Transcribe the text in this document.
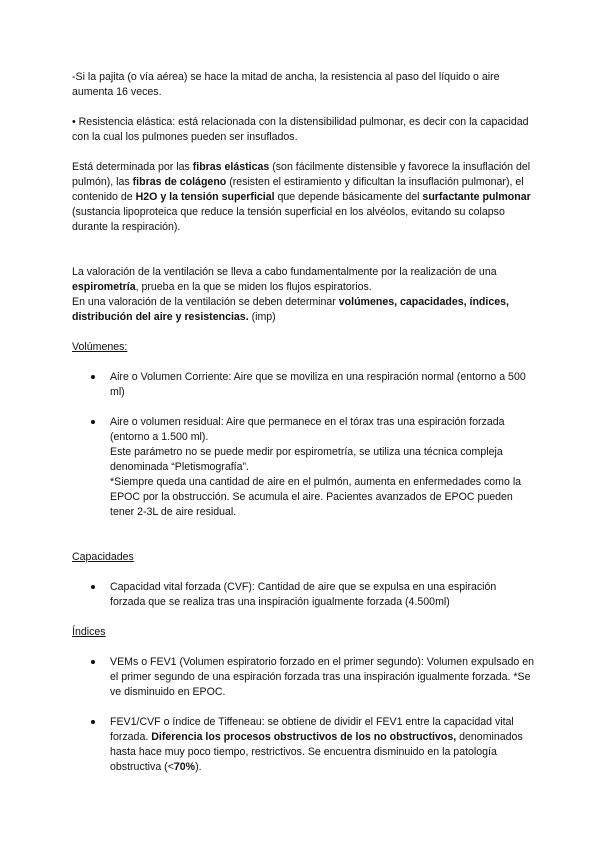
-Si la pajita (o vía aérea) se hace la mitad de ancha, la resistencia al paso del líquido o aire aumenta 16 veces.

• Resistencia elástica: está relacionada con la distensibilidad pulmonar, es decir con la capacidad con la cual los pulmones pueden ser insuflados.

Está determinada por las fibras elásticas (son fácilmente distensible y favorece la insuflación del pulmón), las fibras de colágeno (resisten el estiramiento y dificultan la insuflación pulmonar), el contenido de H2O y la tensión superficial que depende básicamente del surfactante pulmonar (sustancia lipoproteica que reduce la tensión superficial en los alvéolos, evitando su colapso durante la respiración).

La valoración de la ventilación se lleva a cabo fundamentalmente por la realización de una espirometría, prueba en la que se miden los flujos espiratorios.
En una valoración de la ventilación se deben determinar volúmenes, capacidades, índices, distribución del aire y resistencias. (imp)

Volúmenes:

Aire o Volumen Corriente: Aire que se moviliza en una respiración normal (entorno a 500 ml)
Aire o volumen residual: Aire que permanece en el tórax tras una espiración forzada (entorno a 1.500 ml).
Este parámetro no se puede medir por espirometría, se utiliza una técnica compleja denominada “Pletismografía”.
*Siempre queda una cantidad de aire en el pulmón, aumenta en enfermedades como la EPOC por la obstrucción. Se acumula el aire. Pacientes avanzados de EPOC pueden tener 2-3L de aire residual.

Capacidades

Capacidad vital forzada (CVF): Cantidad de aire que se expulsa en una espiración forzada que se realiza tras una inspiración igualmente forzada (4.500ml)

Índices

VEMs o FEV1 (Volumen espiratorio forzado en el primer segundo): Volumen expulsado en el primer segundo de una espiración forzada tras una inspiración igualmente forzada. *Se ve disminuido en EPOC.
FEV1/CVF o índice de Tiffeneau: se obtiene de dividir el FEV1 entre la capacidad vital forzada. Diferencia los procesos obstructivos de los no obstructivos, denominados hasta hace muy poco tiempo, restrictivos. Se encuentra disminuido en la patología obstructiva (<70%).
